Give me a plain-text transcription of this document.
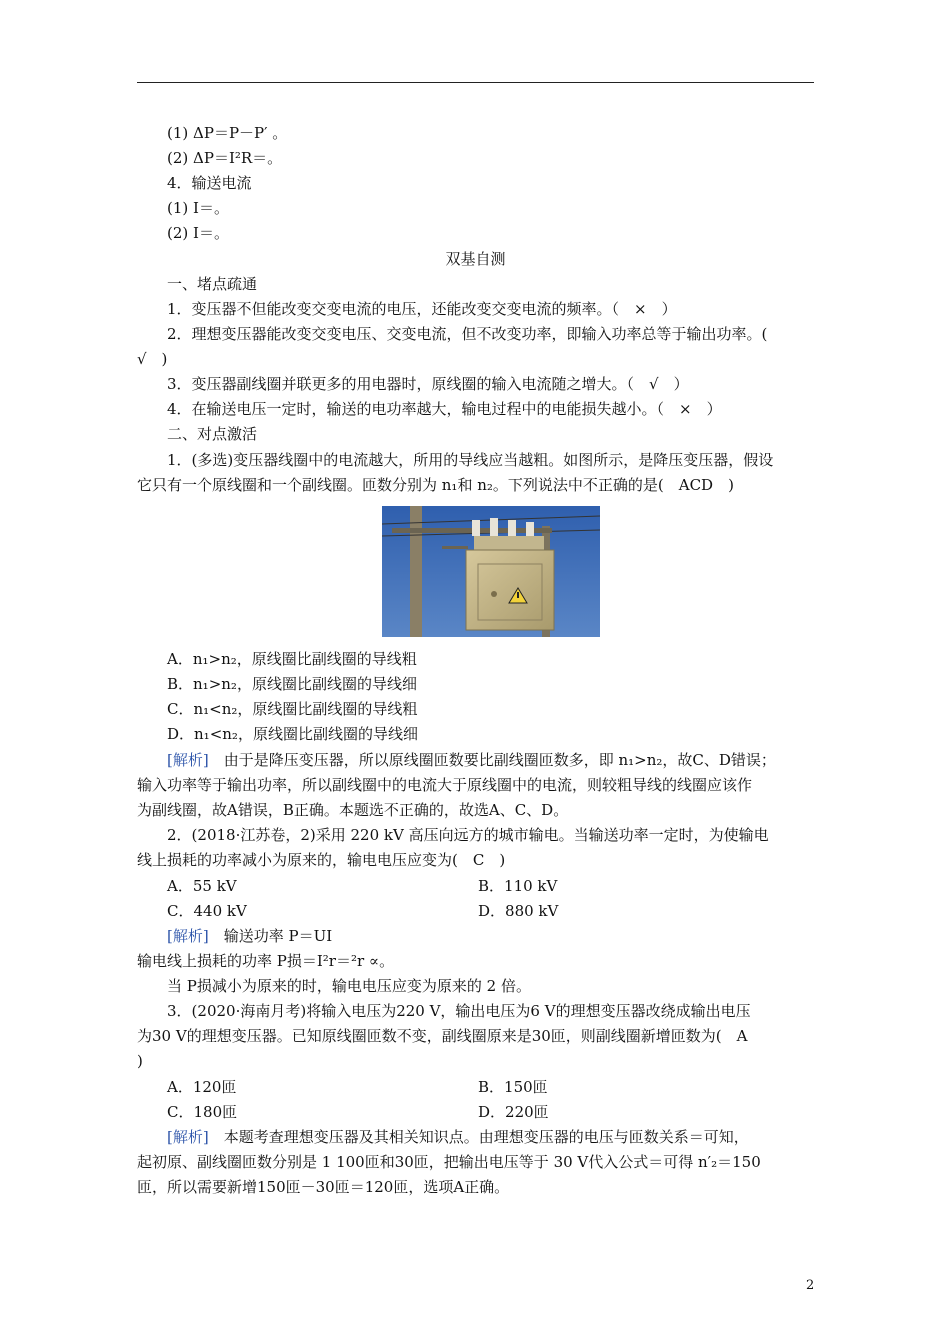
(1) ΔP＝P－P′ 。
(2) ΔP＝I²R＝。
4．输送电流
(1) I＝。
(2) I＝。
双基自测
一、堵点疏通
1．变压器不但能改变交变电流的电压，还能改变交变电流的频率。（　×　）
2．理想变压器能改变交变电压、交变电流，但不改变功率，即输入功率总等于输出功率。(
√　)
3．变压器副线圈并联更多的用电器时，原线圈的输入电流随之增大。（　√　）
4．在输送电压一定时，输送的电功率越大，输电过程中的电能损失越小。（　×　）
二、对点激活
1．(多选)变压器线圈中的电流越大，所用的导线应当越粗。如图所示，是降压变压器，假设
它只有一个原线圈和一个副线圈。匝数分别为 n₁和 n₂。下列说法中不正确的是(　ACD　)
A．n₁>n₂，原线圈比副线圈的导线粗
B．n₁>n₂，原线圈比副线圈的导线细
C．n₁<n₂，原线圈比副线圈的导线粗
D．n₁<n₂，原线圈比副线圈的导线细
[解析]　由于是降压变压器，所以原线圈匝数要比副线圈匝数多，即 n₁>n₂，故C、D错误；
输入功率等于输出功率，所以副线圈中的电流大于原线圈中的电流，则较粗导线的线圈应该作
为副线圈，故A错误，B正确。本题选不正确的，故选A、C、D。
2．(2018·江苏卷，2)采用 220 kV 高压向远方的城市输电。当输送功率一定时，为使输电
线上损耗的功率减小为原来的，输电电压应变为(　C　)
A．55 kV	B．110 kV
C．440 kV	D．880 kV
[解析]　输送功率 P＝UI
输电线上损耗的功率 P损＝I²r＝²r ∝。
当 P损减小为原来的时，输电电压应变为原来的 2 倍。
3．(2020·海南月考)将输入电压为220 V，输出电压为6 V的理想变压器改绕成输出电压
为30 V的理想变压器。已知原线圈匝数不变，副线圈原来是30匝，则副线圈新增匝数为(　A
)
A．120匝	B．150匝
C．180匝	D．220匝
[解析]　本题考查理想变压器及其相关知识点。由理想变压器的电压与匝数关系＝可知，
起初原、副线圈匝数分别是 1 100匝和30匝，把输出电压等于 30 V代入公式＝可得 n′₂＝150
匝，所以需要新增150匝－30匝＝120匝，选项A正确。
2
